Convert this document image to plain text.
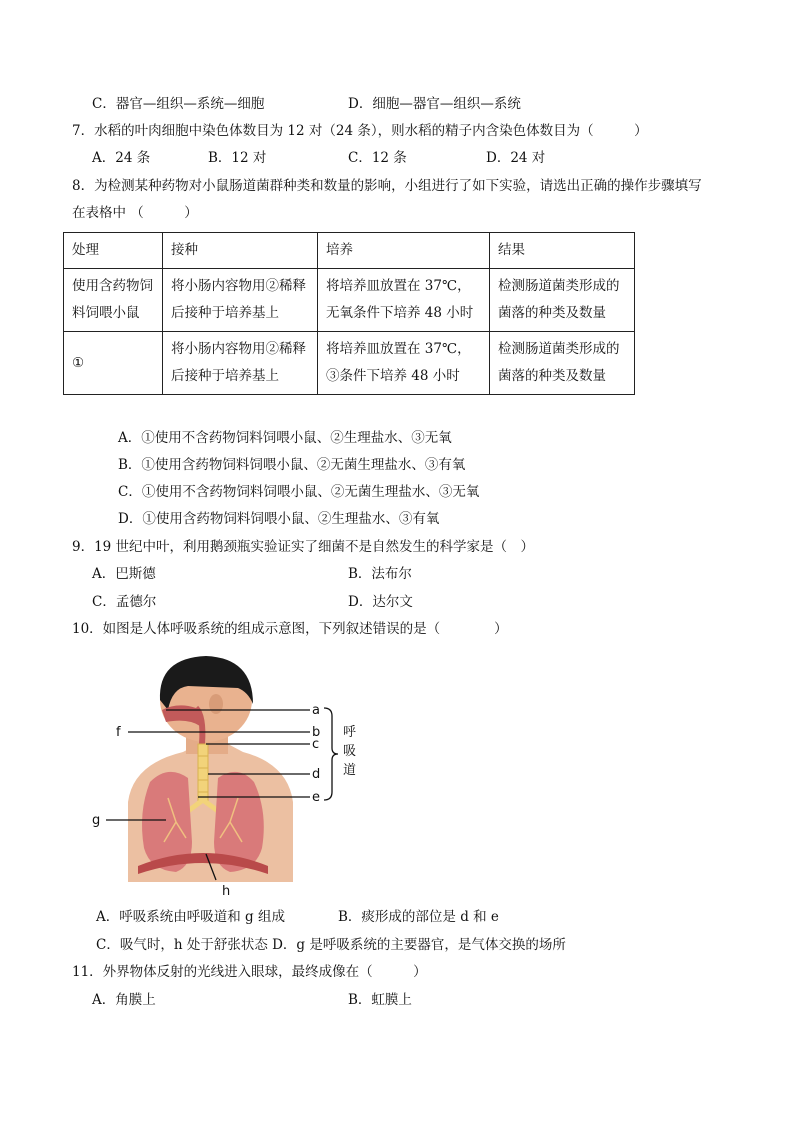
C．器官—组织—系统—细胞	D．细胞—器官—组织—系统
7．水稻的叶肉细胞中染色体数目为 12 对（24 条），则水稻的精子内含染色体数目为（　　　）
A．24 条	B．12 对	C．12 条	D．24 对
8．为检测某种药物对小鼠肠道菌群种类和数量的影响，小组进行了如下实验，请选出正确的操作步骤填写
在表格中 （　　　）
处理	接种	培养	结果
使用含药物饲料饲喂小鼠	将小肠内容物用②稀释后接种于培养基上	将培养皿放置在 37℃，无氧条件下培养 48 小时	检测肠道菌类形成的菌落的种类及数量
①	将小肠内容物用②稀释后接种于培养基上	将培养皿放置在 37℃，③条件下培养 48 小时	检测肠道菌类形成的菌落的种类及数量
A．①使用不含药物饲料饲喂小鼠、②生理盐水、③无氧
B．①使用含药物饲料饲喂小鼠、②无菌生理盐水、③有氧
C．①使用不含药物饲料饲喂小鼠、②无菌生理盐水、③无氧
D．①使用含药物饲料饲喂小鼠、②生理盐水、③有氧
9．19 世纪中叶，利用鹅颈瓶实验证实了细菌不是自然发生的科学家是（　）
A．巴斯德	B．法布尔
C．孟德尔	D．达尔文
10．如图是人体呼吸系统的组成示意图，下列叙述错误的是（　　　　）
a
b
c
d
e
f
g
h
呼
吸
道
A．呼吸系统由呼吸道和 g 组成	B．痰形成的部位是 d 和 e
C．吸气时，h 处于舒张状态 D．g 是呼吸系统的主要器官，是气体交换的场所
11．外界物体反射的光线进入眼球，最终成像在（　　　）
A．角膜上	B．虹膜上
